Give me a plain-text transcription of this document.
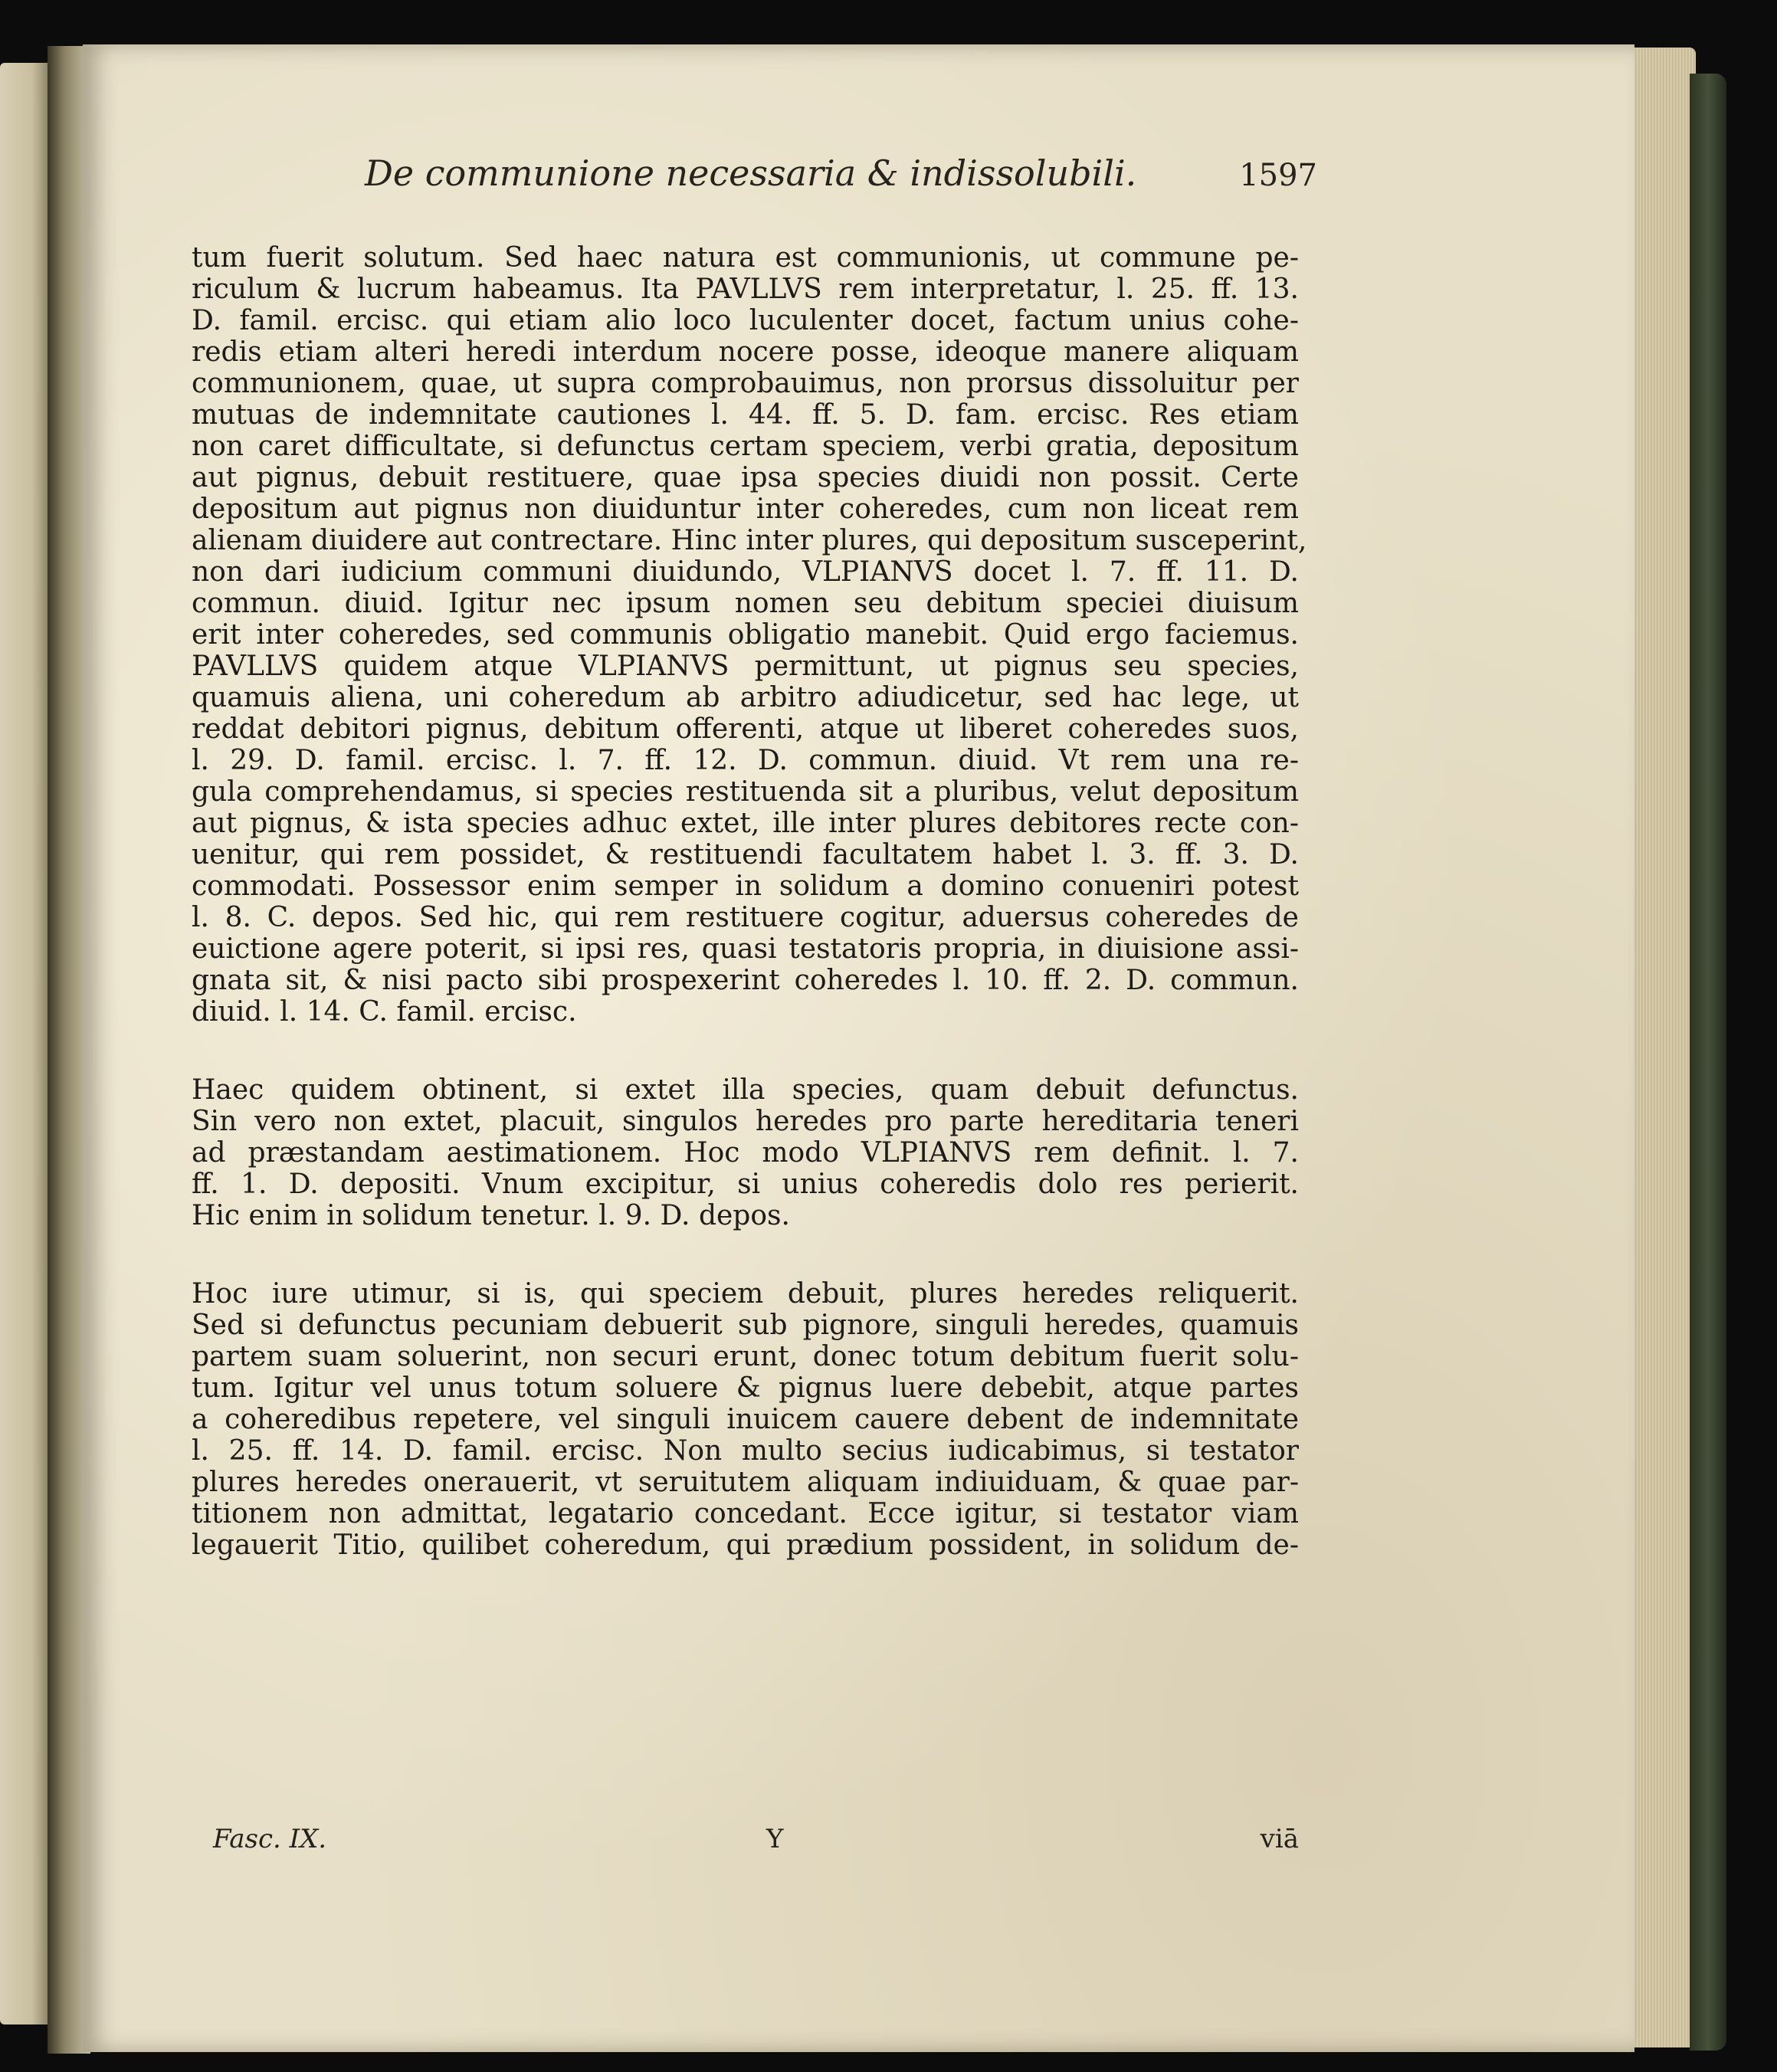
De communione necessaria & indissolubili.	1597
tum fuerit solutum. Sed haec natura est communionis, ut commune pe-
riculum & lucrum habeamus. Ita PAVLLVS rem interpretatur, l. 25. ff. 13.
D. famil. ercisc. qui etiam alio loco luculenter docet, factum unius cohe-
redis etiam alteri heredi interdum nocere posse, ideoque manere aliquam
communionem, quae, ut supra comprobauimus, non prorsus dissoluitur per
mutuas de indemnitate cautiones l. 44. ff. 5. D. fam. ercisc. Res etiam
non caret difficultate, si defunctus certam speciem, verbi gratia, depositum
aut pignus, debuit restituere, quae ipsa species diuidi non possit. Certe
depositum aut pignus non diuiduntur inter coheredes, cum non liceat rem
alienam diuidere aut contrectare. Hinc inter plures, qui depositum susceperint,
non dari iudicium communi diuidundo, VLPIANVS docet l. 7. ff. 11. D.
commun. diuid. Igitur nec ipsum nomen seu debitum speciei diuisum
erit inter coheredes, sed communis obligatio manebit. Quid ergo faciemus.
PAVLLVS quidem atque VLPIANVS permittunt, ut pignus seu species,
quamuis aliena, uni coheredum ab arbitro adiudicetur, sed hac lege, ut
reddat debitori pignus, debitum offerenti, atque ut liberet coheredes suos,
l. 29. D. famil. ercisc. l. 7. ff. 12. D. commun. diuid. Vt rem una re-
gula comprehendamus, si species restituenda sit a pluribus, velut depositum
aut pignus, & ista species adhuc extet, ille inter plures debitores recte con-
uenitur, qui rem possidet, & restituendi facultatem habet l. 3. ff. 3. D.
commodati. Possessor enim semper in solidum a domino conueniri potest
l. 8. C. depos. Sed hic, qui rem restituere cogitur, aduersus coheredes de
euictione agere poterit, si ipsi res, quasi testatoris propria, in diuisione assi-
gnata sit, & nisi pacto sibi prospexerint coheredes l. 10. ff. 2. D. commun.
diuid. l. 14. C. famil. ercisc.
Haec quidem obtinent, si extet illa species, quam debuit defunctus.
Sin vero non extet, placuit, singulos heredes pro parte hereditaria teneri
ad præstandam aestimationem. Hoc modo VLPIANVS rem definit. l. 7.
ff. 1. D. depositi. Vnum excipitur, si unius coheredis dolo res perierit.
Hic enim in solidum tenetur. l. 9. D. depos.
Hoc iure utimur, si is, qui speciem debuit, plures heredes reliquerit.
Sed si defunctus pecuniam debuerit sub pignore, singuli heredes, quamuis
partem suam soluerint, non securi erunt, donec totum debitum fuerit solu-
tum. Igitur vel unus totum soluere & pignus luere debebit, atque partes
a coheredibus repetere, vel singuli inuicem cauere debent de indemnitate
l. 25. ff. 14. D. famil. ercisc. Non multo secius iudicabimus, si testator
plures heredes onerauerit, vt seruitutem aliquam indiuiduam, & quae par-
titionem non admittat, legatario concedant. Ecce igitur, si testator viam
legauerit Titio, quilibet coheredum, qui prædium possident, in solidum de-
Fasc. IX.	Y	viā
